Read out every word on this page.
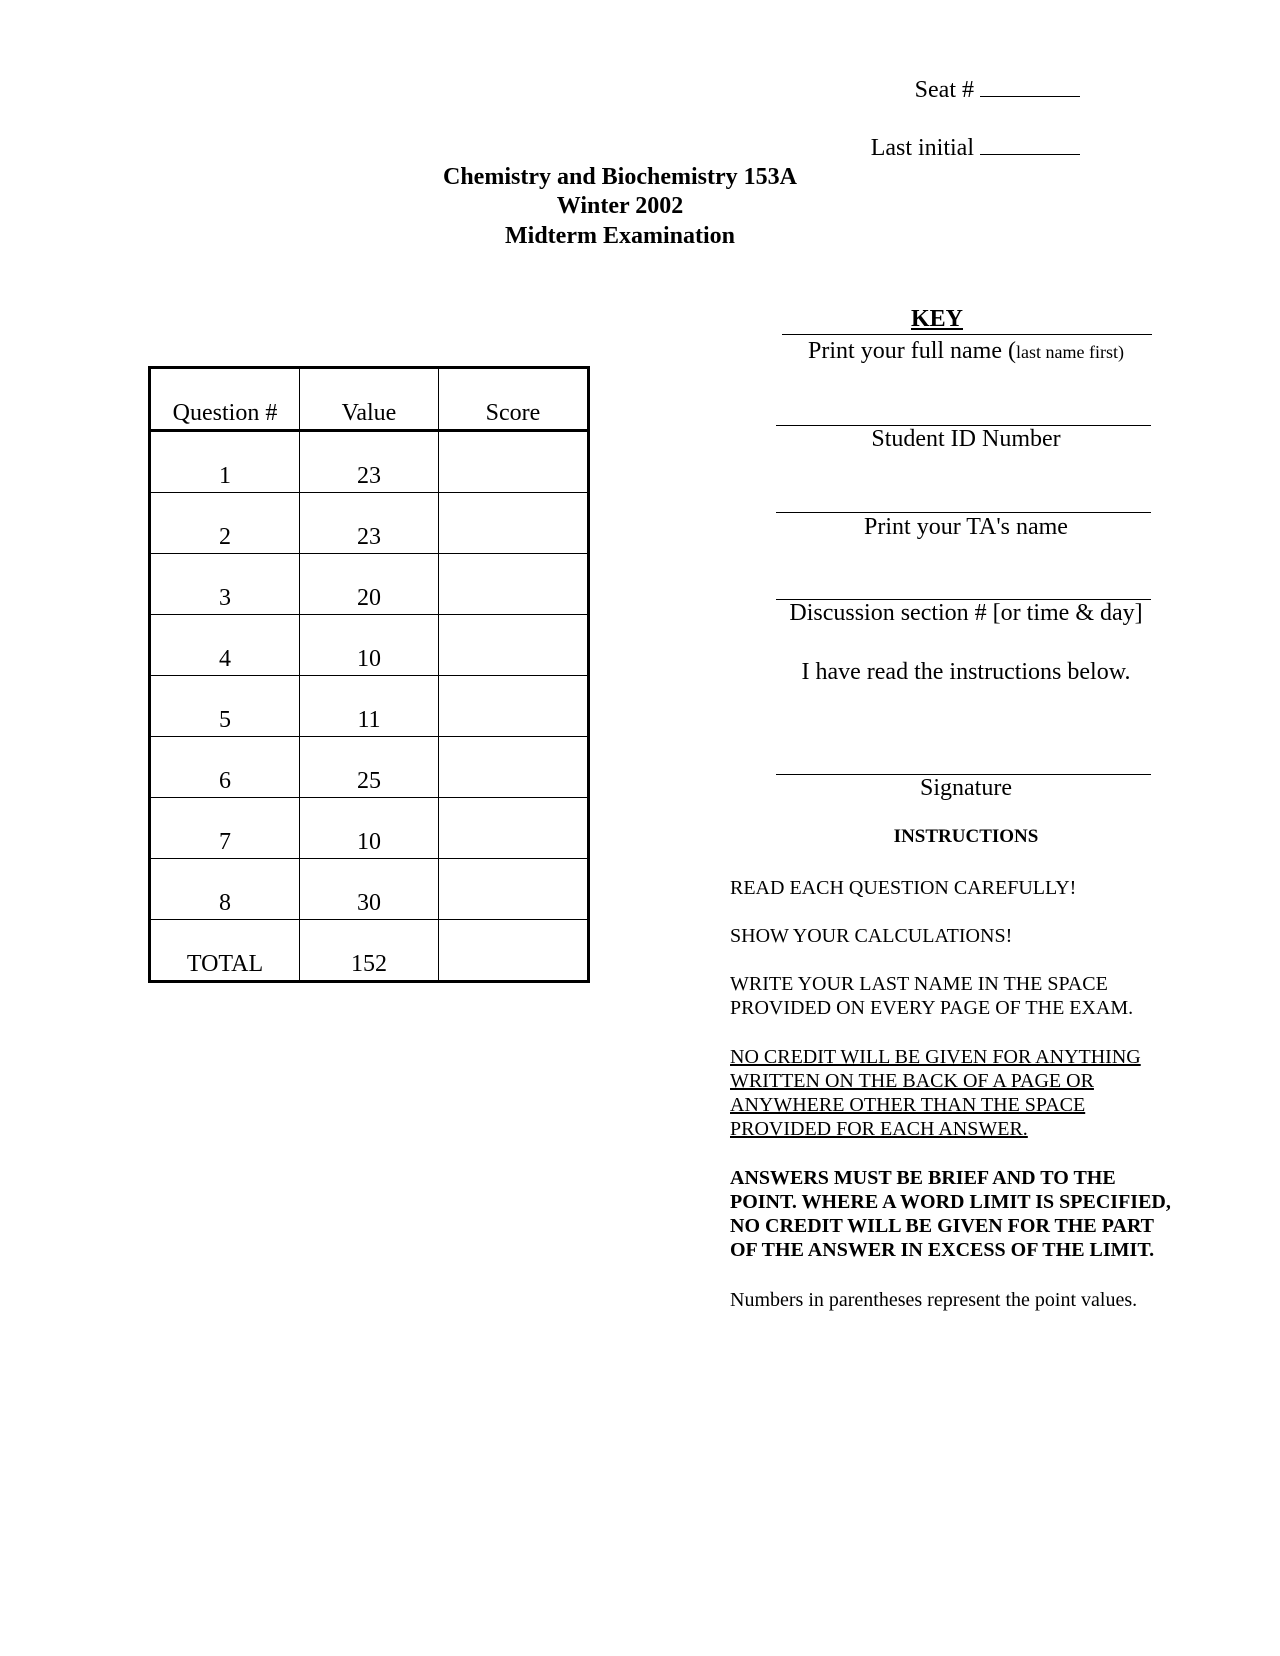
Seat #
Last initial
Chemistry and Biochemistry 153A
Winter 2002
Midterm Examination
Question #	Value	Score
1	23	
2	23	
3	20	
4	10	
5	11	
6	25	
7	10	
8	30	
TOTAL	152	
KEY
Print your full name (last name first)
Student ID Number
Print your TA's name
Discussion section # [or time & day]
I have read the instructions below.
Signature
INSTRUCTIONS
READ EACH QUESTION CAREFULLY!
SHOW YOUR CALCULATIONS!
WRITE YOUR LAST NAME IN THE SPACE
PROVIDED ON EVERY PAGE OF THE EXAM.
NO CREDIT WILL BE GIVEN FOR ANYTHING
WRITTEN ON THE BACK OF A PAGE OR
ANYWHERE OTHER THAN THE SPACE
PROVIDED FOR EACH ANSWER.
ANSWERS MUST BE BRIEF AND TO THE
POINT. WHERE A WORD LIMIT IS SPECIFIED,
NO CREDIT WILL BE GIVEN FOR THE PART
OF THE ANSWER IN EXCESS OF THE LIMIT.
Numbers in parentheses represent the point values.
